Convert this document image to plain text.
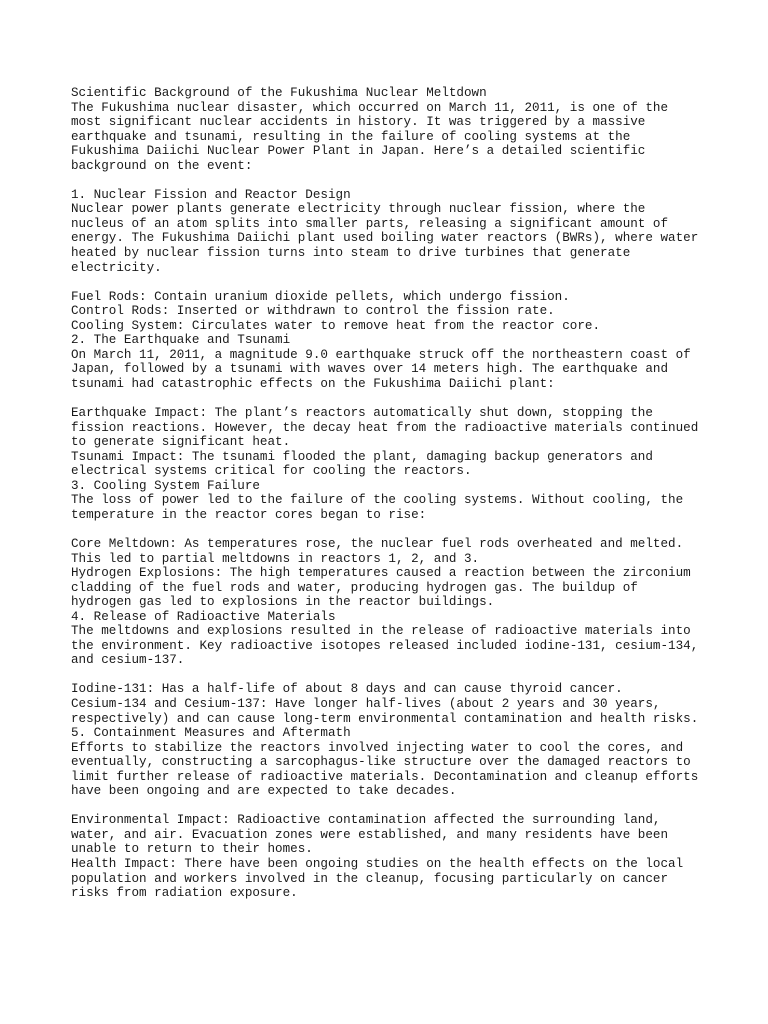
Scientific Background of the Fukushima Nuclear Meltdown
The Fukushima nuclear disaster, which occurred on March 11, 2011, is one of the
most significant nuclear accidents in history. It was triggered by a massive
earthquake and tsunami, resulting in the failure of cooling systems at the
Fukushima Daiichi Nuclear Power Plant in Japan. Here’s a detailed scientific
background on the event:
1. Nuclear Fission and Reactor Design
Nuclear power plants generate electricity through nuclear fission, where the
nucleus of an atom splits into smaller parts, releasing a significant amount of
energy. The Fukushima Daiichi plant used boiling water reactors (BWRs), where water
heated by nuclear fission turns into steam to drive turbines that generate
electricity.
Fuel Rods: Contain uranium dioxide pellets, which undergo fission.
Control Rods: Inserted or withdrawn to control the fission rate.
Cooling System: Circulates water to remove heat from the reactor core.
2. The Earthquake and Tsunami
On March 11, 2011, a magnitude 9.0 earthquake struck off the northeastern coast of
Japan, followed by a tsunami with waves over 14 meters high. The earthquake and
tsunami had catastrophic effects on the Fukushima Daiichi plant:
Earthquake Impact: The plant’s reactors automatically shut down, stopping the
fission reactions. However, the decay heat from the radioactive materials continued
to generate significant heat.
Tsunami Impact: The tsunami flooded the plant, damaging backup generators and
electrical systems critical for cooling the reactors.
3. Cooling System Failure
The loss of power led to the failure of the cooling systems. Without cooling, the
temperature in the reactor cores began to rise:
Core Meltdown: As temperatures rose, the nuclear fuel rods overheated and melted.
This led to partial meltdowns in reactors 1, 2, and 3.
Hydrogen Explosions: The high temperatures caused a reaction between the zirconium
cladding of the fuel rods and water, producing hydrogen gas. The buildup of
hydrogen gas led to explosions in the reactor buildings.
4. Release of Radioactive Materials
The meltdowns and explosions resulted in the release of radioactive materials into
the environment. Key radioactive isotopes released included iodine-131, cesium-134,
and cesium-137.
Iodine-131: Has a half-life of about 8 days and can cause thyroid cancer.
Cesium-134 and Cesium-137: Have longer half-lives (about 2 years and 30 years,
respectively) and can cause long-term environmental contamination and health risks.
5. Containment Measures and Aftermath
Efforts to stabilize the reactors involved injecting water to cool the cores, and
eventually, constructing a sarcophagus-like structure over the damaged reactors to
limit further release of radioactive materials. Decontamination and cleanup efforts
have been ongoing and are expected to take decades.
Environmental Impact: Radioactive contamination affected the surrounding land,
water, and air. Evacuation zones were established, and many residents have been
unable to return to their homes.
Health Impact: There have been ongoing studies on the health effects on the local
population and workers involved in the cleanup, focusing particularly on cancer
risks from radiation exposure.
